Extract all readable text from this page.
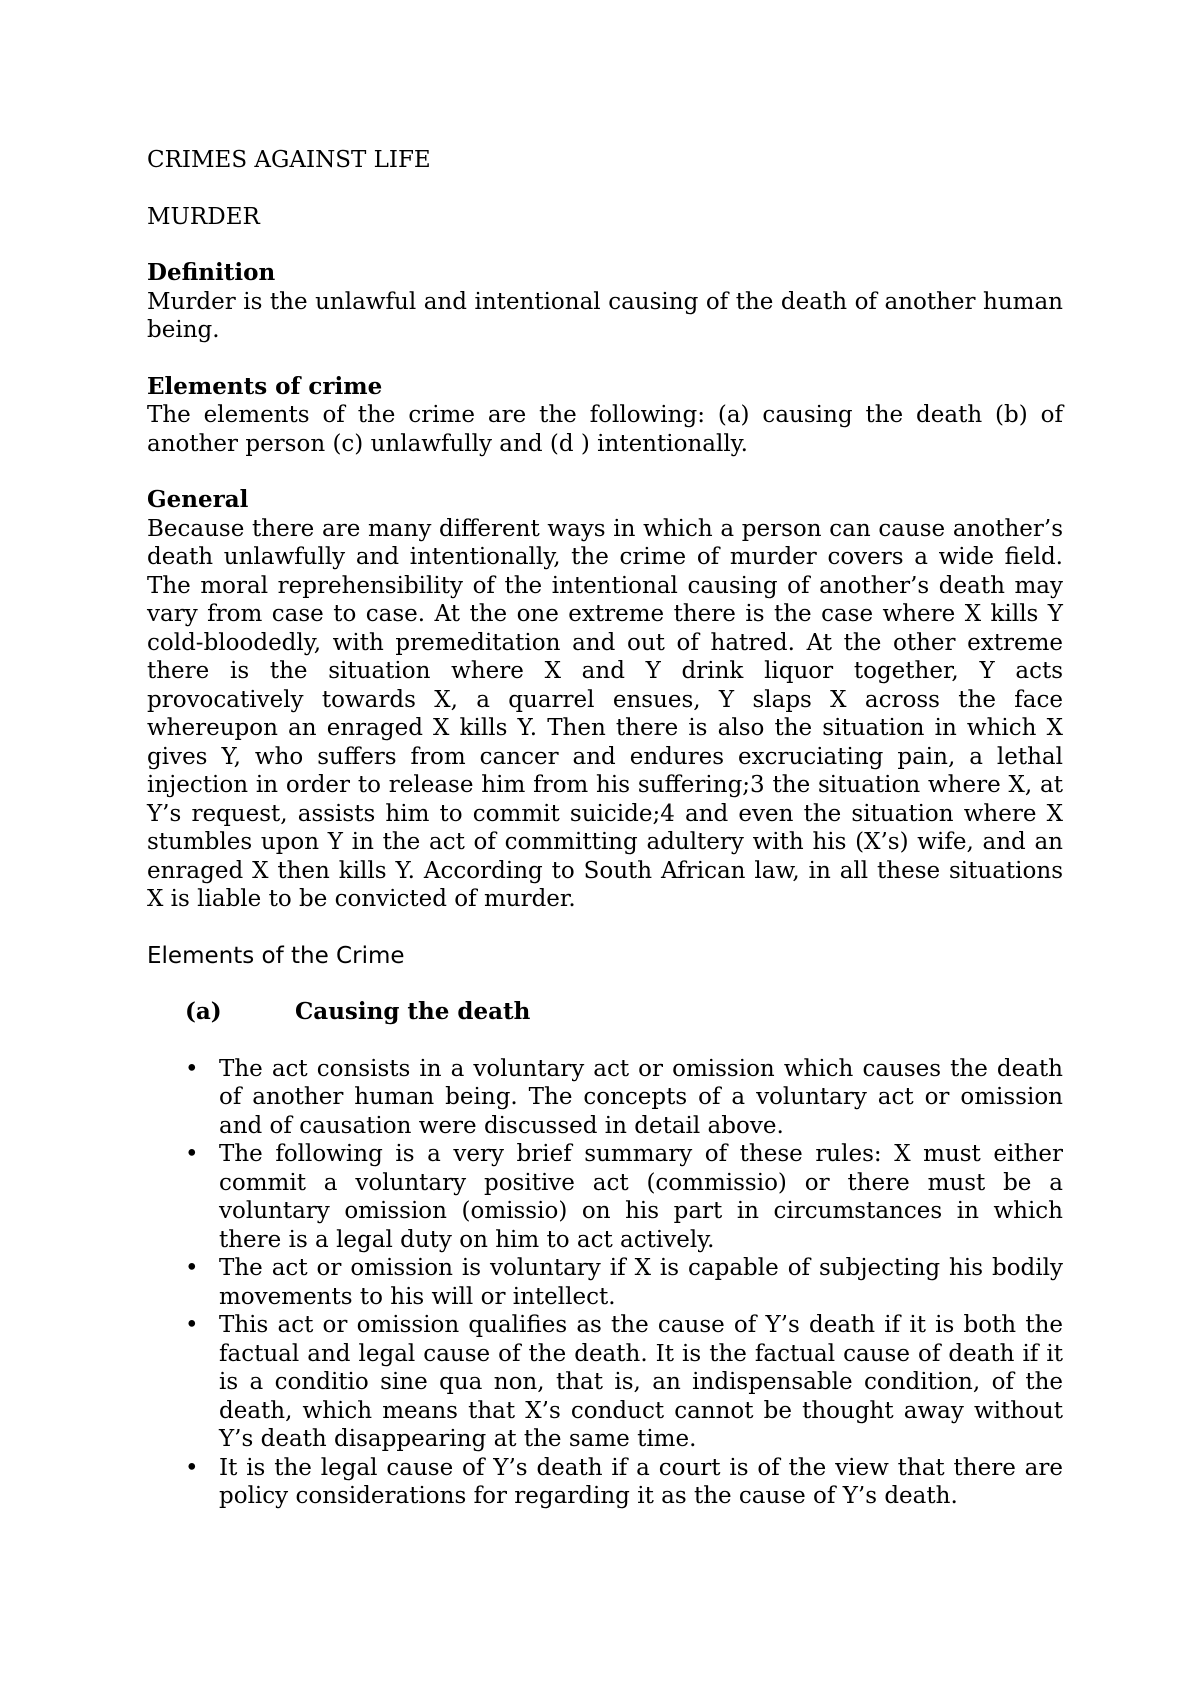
CRIMES AGAINST LIFE

MURDER

Definition

Murder is the unlawful and intentional causing of the death of another human being.

Elements of crime

The elements of the crime are the following: (a) causing the death (b) of another person (c) unlawfully and (d ) intentionally.

General

Because there are many different ways in which a person can cause another’s death unlawfully and intentionally, the crime of murder covers a wide field. The moral reprehensibility of the intentional causing of another’s death may vary from case to case. At the one extreme there is the case where X kills Y cold-bloodedly, with premeditation and out of hatred. At the other extreme there is the situation where X and Y drink liquor together, Y acts provocatively towards X, a quarrel ensues, Y slaps X across the face whereupon an enraged X kills Y. Then there is also the situation in which X gives Y, who suffers from cancer and endures excruciating pain, a lethal injection in order to release him from his suffering;3 the situation where X, at Y’s request, assists him to commit suicide;4 and even the situation where X stumbles upon Y in the act of committing adultery with his (X’s) wife, and an enraged X then kills Y. According to South African law, in all these situations X is liable to be convicted of murder.

Elements of the Crime

(a)	Causing the death
• The act consists in a voluntary act or omission which causes the death of another human being. The concepts of a voluntary act or omission and of causation were discussed in detail above.
• The following is a very brief summary of these rules: X must either commit a voluntary positive act (commissio) or there must be a voluntary omission (omissio) on his part in circumstances in which there is a legal duty on him to act actively.
• The act or omission is voluntary if X is capable of subjecting his bodily movements to his will or intellect.
• This act or omission qualifies as the cause of Y’s death if it is both the factual and legal cause of the death. It is the factual cause of death if it is a conditio sine qua non, that is, an indispensable condition, of the death, which means that X’s conduct cannot be thought away without Y’s death disappearing at the same time.
• It is the legal cause of Y’s death if a court is of the view that there are policy considerations for regarding it as the cause of Y’s death.
